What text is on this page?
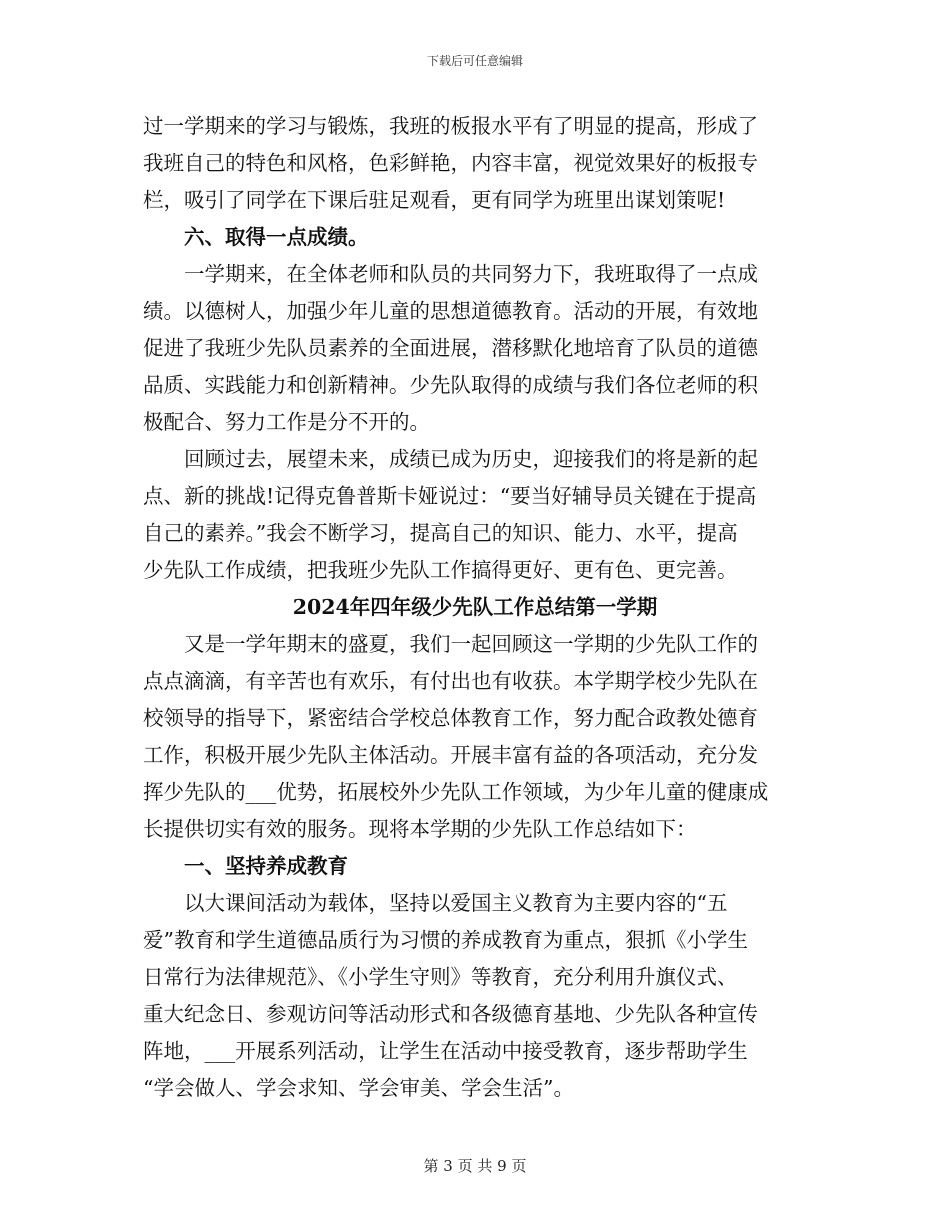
下载后可任意编辑
过一学期来的学习与锻炼，我班的板报水平有了明显的提高，形成了
我班自己的特色和风格，色彩鲜艳，内容丰富，视觉效果好的板报专
栏，吸引了同学在下课后驻足观看，更有同学为班里出谋划策呢!
　　六、取得一点成绩。
　　一学期来，在全体老师和队员的共同努力下，我班取得了一点成
绩。以德树人，加强少年儿童的思想道德教育。活动的开展，有效地
促进了我班少先队员素养的全面进展，潜移默化地培育了队员的道德
品质、实践能力和创新精神。少先队取得的成绩与我们各位老师的积
极配合、努力工作是分不开的。
　　回顾过去，展望未来，成绩已成为历史，迎接我们的将是新的起
点、新的挑战!记得克鲁普斯卡娅说过：“要当好辅导员关键在于提高
自己的素养。”我会不断学习，提高自己的知识、能力、水平，提高
少先队工作成绩，把我班少先队工作搞得更好、更有色、更完善。
2024年四年级少先队工作总结第一学期
　　又是一学年期末的盛夏，我们一起回顾这一学期的少先队工作的
点点滴滴，有辛苦也有欢乐，有付出也有收获。本学期学校少先队在
校领导的指导下，紧密结合学校总体教育工作，努力配合政教处德育
工作，积极开展少先队主体活动。开展丰富有益的各项活动，充分发
挥少先队的___优势，拓展校外少先队工作领域，为少年儿童的健康成
长提供切实有效的服务。现将本学期的少先队工作总结如下：
　　一、坚持养成教育
　　以大课间活动为载体，坚持以爱国主义教育为主要内容的“五
爱”教育和学生道德品质行为习惯的养成教育为重点，狠抓《小学生
日常行为法律规范》、《小学生守则》等教育，充分利用升旗仪式、
重大纪念日、参观访问等活动形式和各级德育基地、少先队各种宣传
阵地，___开展系列活动，让学生在活动中接受教育，逐步帮助学生
“学会做人、学会求知、学会审美、学会生活”。
第 3 页 共 9 页
